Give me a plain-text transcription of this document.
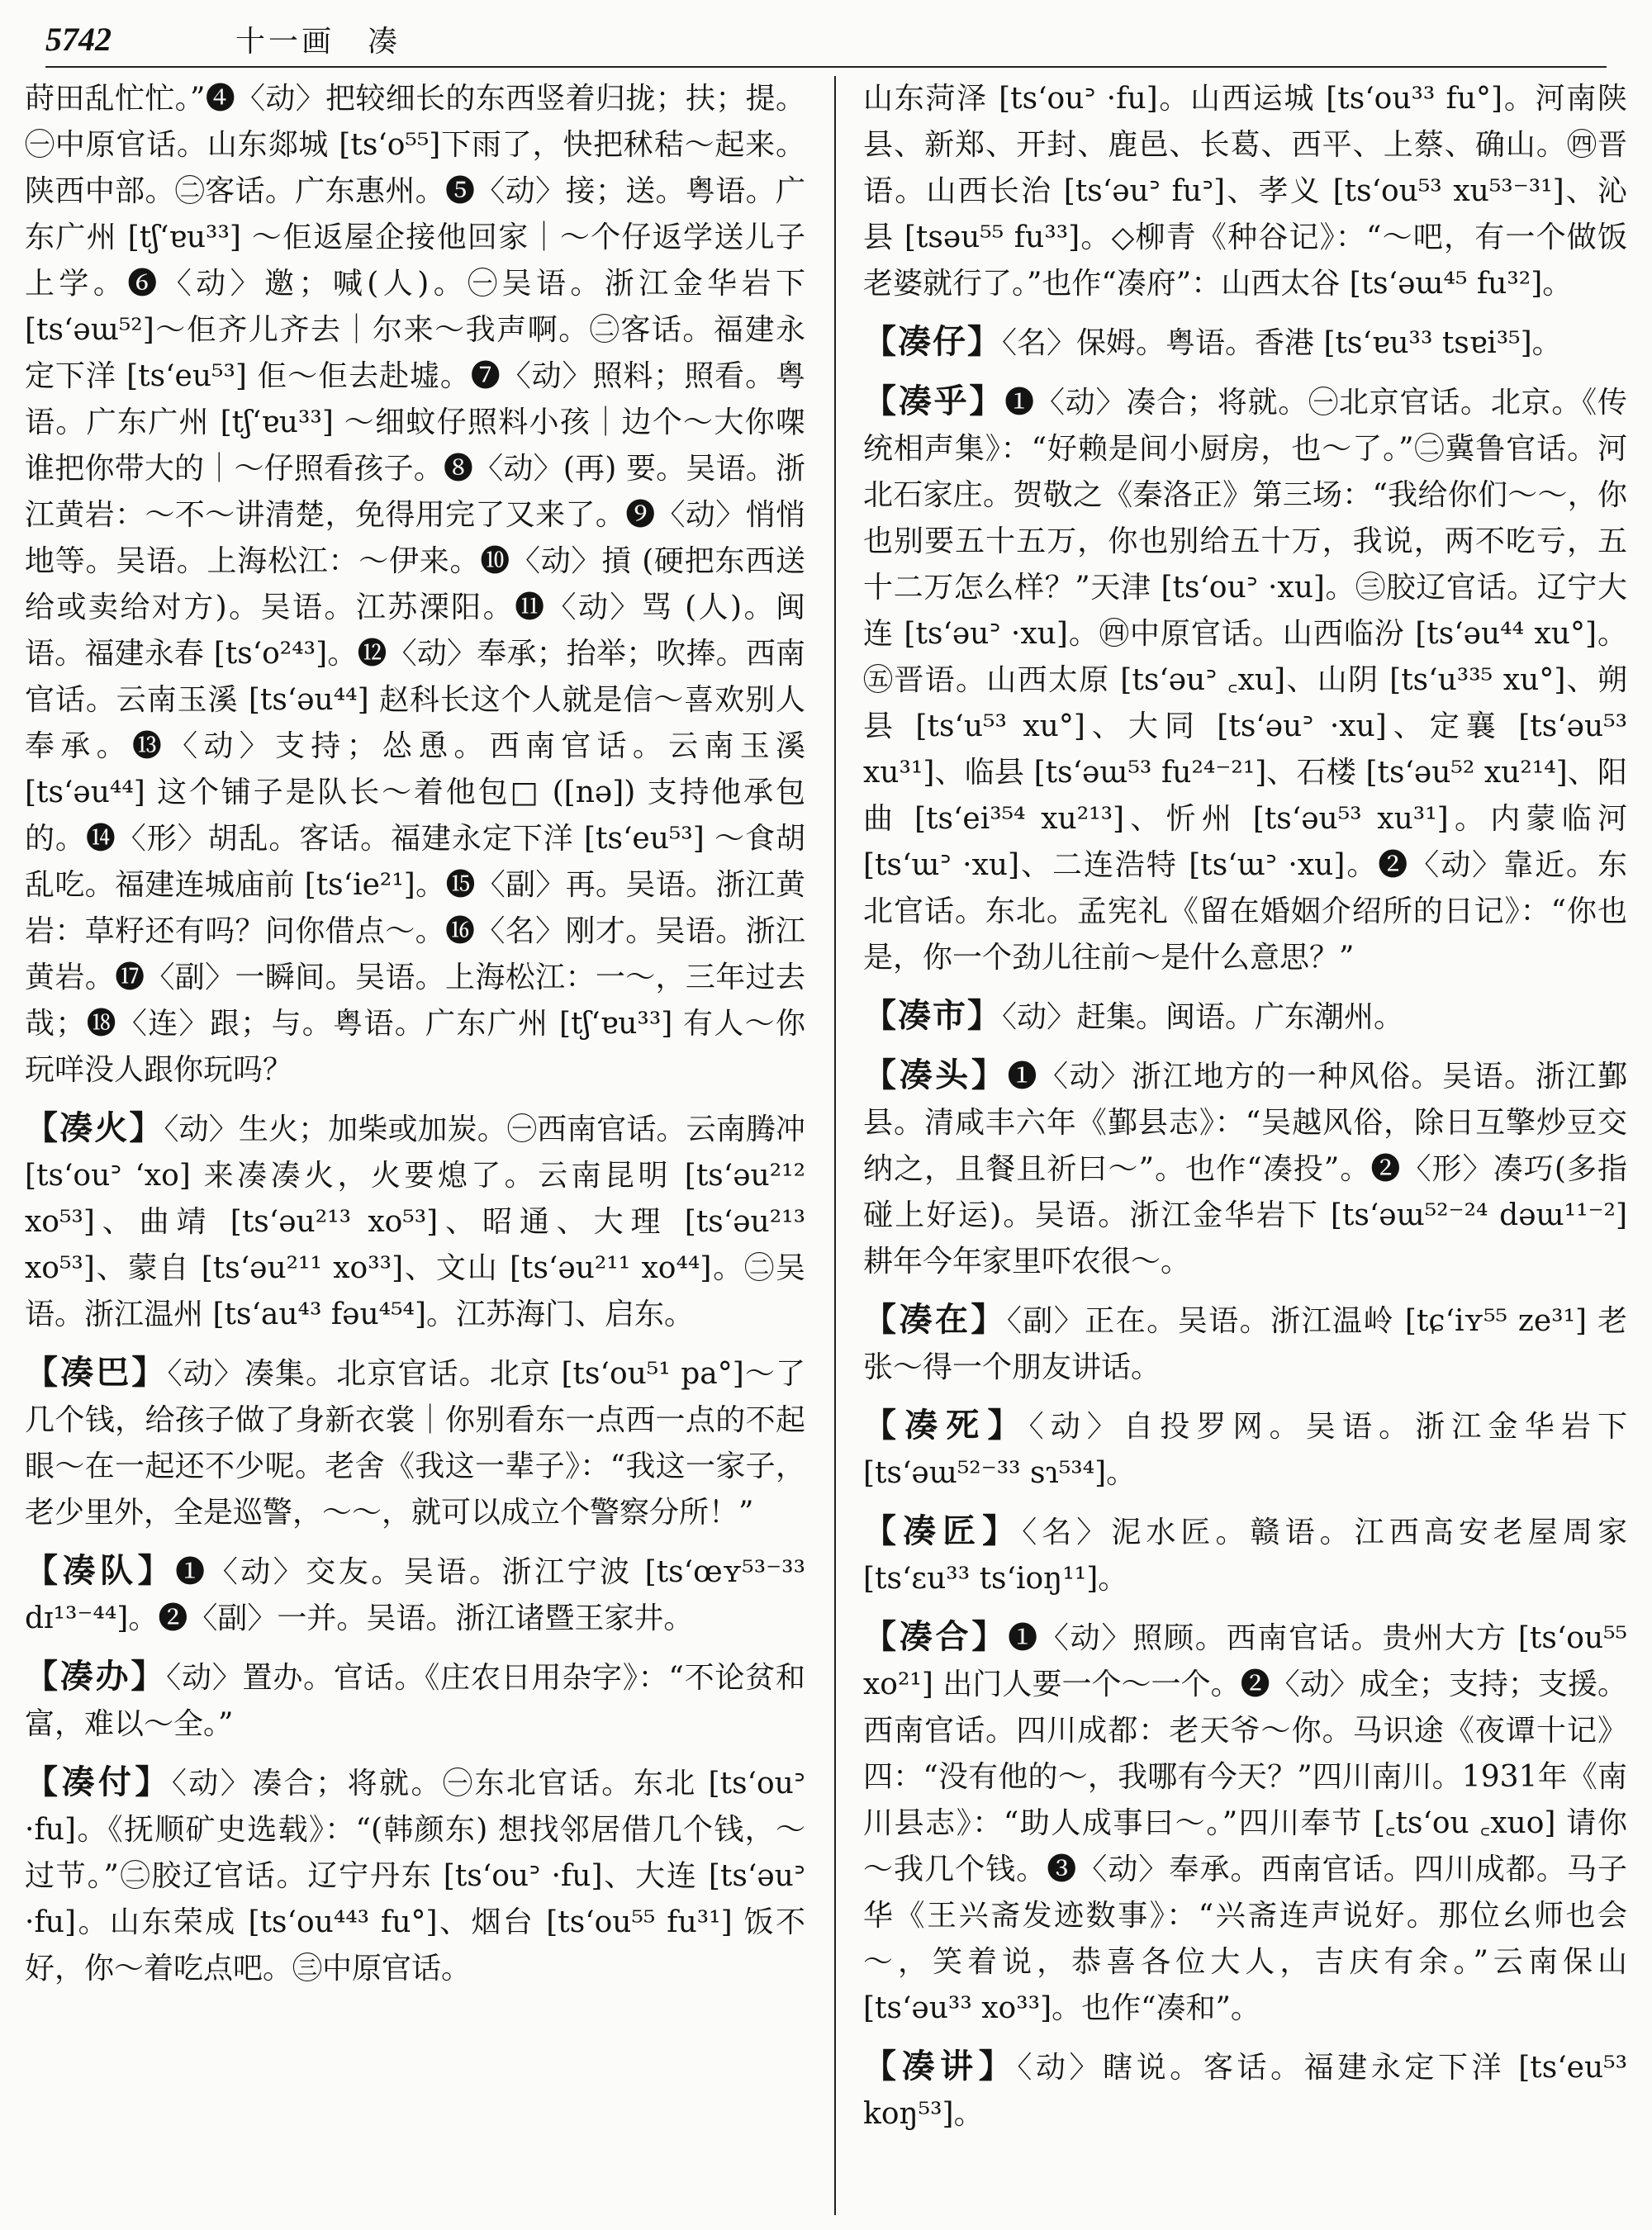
5742	十一画 凑

莳田乱忙忙。”❹〈动〉把较细长的东西竖着归拢；扶；提。㊀中原官话。山东郯城 [tsʻo⁵⁵]下雨了，快把秫秸～起来。陕西中部。㊁客话。广东惠州。❺〈动〉接；送。粤语。广东广州 [tʃʻɐu³³] ～佢返屋企接他回家｜～个仔返学送儿子上学。❻〈动〉邀；喊(人)。㊀吴语。浙江金华岩下 [tsʻəɯ⁵²]～佢齐儿齐去｜尔来～我声啊。㊁客话。福建永定下洋 [tsʻeu⁵³] 佢～佢去赴墟。❼〈动〉照料；照看。粤语。广东广州 [tʃʻɐu³³] ～细蚊仔照料小孩｜边个～大你㗎谁把你带大的｜～仔照看孩子。❽〈动〉(再) 要。吴语。浙江黄岩：～不～讲清楚，免得用完了又来了。❾〈动〉悄悄地等。吴语。上海松江：～伊来。❿〈动〉摃 (硬把东西送给或卖给对方)。吴语。江苏溧阳。⓫〈动〉骂 (人)。闽语。福建永春 [tsʻo²⁴³]。⓬〈动〉奉承；抬举；吹捧。西南官话。云南玉溪 [tsʻəu⁴⁴] 赵科长这个人就是信～喜欢别人奉承。⓭〈动〉支持；怂恿。西南官话。云南玉溪 [tsʻəu⁴⁴] 这个铺子是队长～着他包□ ([nə]) 支持他承包的。⓮〈形〉胡乱。客话。福建永定下洋 [tsʻeu⁵³] ～食胡乱吃。福建连城庙前 [tsʻie²¹]。⓯〈副〉再。吴语。浙江黄岩：草籽还有吗？问你借点～。⓰〈名〉刚才。吴语。浙江黄岩。⓱〈副〉一瞬间。吴语。上海松江：一～，三年过去哉；⓲〈连〉跟；与。粤语。广东广州 [tʃʻɐu³³] 有人～你玩咩没人跟你玩吗？

【凑火】〈动〉生火；加柴或加炭。㊀西南官话。云南腾冲 [tsʻouᐣ ʻxo] 来凑凑火，火要熄了。云南昆明 [tsʻəu²¹² xo⁵³]、曲靖 [tsʻəu²¹³ xo⁵³]、昭通、大理 [tsʻəu²¹³ xo⁵³]、蒙自 [tsʻəu²¹¹ xo³³]、文山 [tsʻəu²¹¹ xo⁴⁴]。㊁吴语。浙江温州 [tsʻau⁴³ fəu⁴⁵⁴]。江苏海门、启东。

【凑巴】〈动〉凑集。北京官话。北京 [tsʻou⁵¹ pa°]～了几个钱，给孩子做了身新衣裳｜你别看东一点西一点的不起眼～在一起还不少呢。老舍《我这一辈子》：“我这一家子，老少里外，全是巡警，～～，就可以成立个警察分所！”

【凑队】❶〈动〉交友。吴语。浙江宁波 [tsʻœʏ⁵³⁻³³ dɪ¹³⁻⁴⁴]。❷〈副〉一并。吴语。浙江诸暨王家井。

【凑办】〈动〉置办。官话。《庄农日用杂字》：“不论贫和富，难以～全。”

【凑付】〈动〉凑合；将就。㊀东北官话。东北 [tsʻouᐣ ·fu]。《抚顺矿史选载》：“(韩颜东) 想找邻居借几个钱，～过节。”㊁胶辽官话。辽宁丹东 [tsʻouᐣ ·fu]、大连 [tsʻəuᐣ ·fu]。山东荣成 [tsʻou⁴⁴³ fu°]、烟台 [tsʻou⁵⁵ fu³¹] 饭不好，你～着吃点吧。㊂中原官话。

山东菏泽 [tsʻouᐣ ·fu]。山西运城 [tsʻou³³ fu°]。河南陕县、新郑、开封、鹿邑、长葛、西平、上蔡、确山。㊃晋语。山西长治 [tsʻəuᐣ fuᐣ]、孝义 [tsʻou⁵³ xu⁵³⁻³¹]、沁县 [tsəu⁵⁵ fu³³]。◇柳青《种谷记》：“～吧，有一个做饭老婆就行了。”也作“凑府”：山西太谷 [tsʻəɯ⁴⁵ fu³²]。

【凑仔】〈名〉保姆。粤语。香港 [tsʻɐu³³ tsɐi³⁵]。

【凑乎】❶〈动〉凑合；将就。㊀北京官话。北京。《传统相声集》：“好赖是间小厨房，也～了。”㊁冀鲁官话。河北石家庄。贺敬之《秦洛正》第三场：“我给你们～～，你也别要五十五万，你也别给五十万，我说，两不吃亏，五十二万怎么样？”天津 [tsʻouᐣ ·xu]。㊂胶辽官话。辽宁大连 [tsʻəuᐣ ·xu]。㊃中原官话。山西临汾 [tsʻəu⁴⁴ xu°]。㊄晋语。山西太原 [tsʻəuᐣ ꜀xu]、山阴 [tsʻu³³⁵ xu°]、朔县 [tsʻu⁵³ xu°]、大同 [tsʻəuᐣ ·xu]、定襄 [tsʻəu⁵³ xu³¹]、临县 [tsʻəɯ⁵³ fu²⁴⁻²¹]、石楼 [tsʻəu⁵² xu²¹⁴]、阳曲 [tsʻei³⁵⁴ xu²¹³]、忻州 [tsʻəu⁵³ xu³¹]。内蒙临河 [tsʻɯᐣ ·xu]、二连浩特 [tsʻɯᐣ ·xu]。❷〈动〉靠近。东北官话。东北。孟宪礼《留在婚姻介绍所的日记》：“你也是，你一个劲儿往前～是什么意思？”

【凑市】〈动〉赶集。闽语。广东潮州。

【凑头】❶〈动〉浙江地方的一种风俗。吴语。浙江鄞县。清咸丰六年《鄞县志》：“吴越风俗，除日互擎炒豆交纳之，且餐且祈曰～”。也作“凑投”。❷〈形〉凑巧(多指碰上好运)。吴语。浙江金华岩下 [tsʻəɯ⁵²⁻²⁴ dəɯ¹¹⁻²] 耕年今年家里吓农很～。

【凑在】〈副〉正在。吴语。浙江温岭 [tɕʻiʏ⁵⁵ ze³¹] 老张～得一个朋友讲话。

【凑死】〈动〉自投罗网。吴语。浙江金华岩下 [tsʻəɯ⁵²⁻³³ sɿ⁵³⁴]。

【凑匠】〈名〉泥水匠。赣语。江西高安老屋周家 [tsʻɛu³³ tsʻioŋ¹¹]。

【凑合】❶〈动〉照顾。西南官话。贵州大方 [tsʻou⁵⁵ xo²¹] 出门人要一个～一个。❷〈动〉成全；支持；支援。西南官话。四川成都：老天爷～你。马识途《夜谭十记》四：“没有他的～，我哪有今天？”四川南川。1931年《南川县志》：“助人成事曰～。”四川奉节 [꜀tsʻou ꜀xuo] 请你～我几个钱。❸〈动〉奉承。西南官话。四川成都。马子华《王兴斋发迹数事》：“兴斋连声说好。那位幺师也会～，笑着说，恭喜各位大人，吉庆有余。”云南保山 [tsʻəu³³ xo³³]。也作“凑和”。

【凑讲】〈动〉瞎说。客话。福建永定下洋 [tsʻeu⁵³ koŋ⁵³]。
